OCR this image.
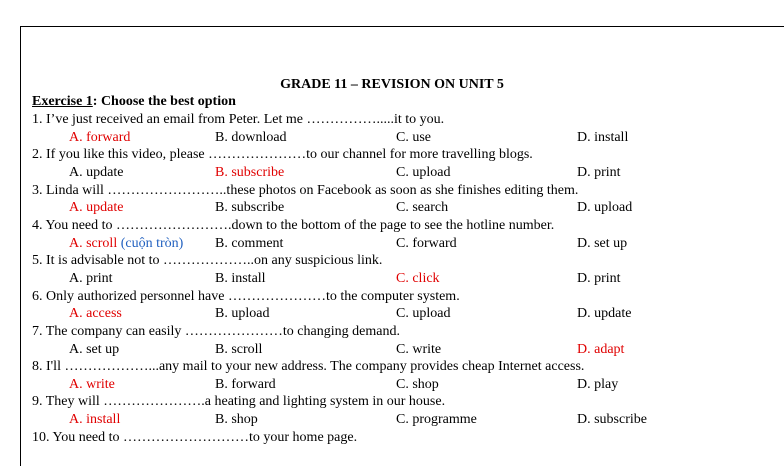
GRADE 11 – REVISION ON UNIT 5
Exercise 1: Choose the best option
1. I’ve just received an email from Peter. Let me …………….....it to you.
A. forward	B. download	C. use	D. install
2. If you like this video, please …………………to our channel for more travelling blogs.
A. update	B. subscribe	C. upload	D. print
3. Linda will ……………………..these photos on Facebook as soon as she finishes editing them.
A. update	B. subscribe	C. search	D. upload
4. You need to …………………….down to the bottom of the page to see the hotline number.
A. scroll (cuộn tròn) B. comment	C. forward	D. set up
5. It is advisable not to ………………..on any suspicious link.
A. print	B. install	C. click	D. print
6. Only authorized personnel have …………………to the computer system.
A. access	B. upload	C. upload	D. update
7. The company can easily …………………to changing demand.
A. set up	B. scroll	C. write	D. adapt
8. I'll ………………...any mail to your new address. The company provides cheap Internet access.
A. write	B. forward	C. shop	D. play
9. They will ………………….a heating and lighting system in our house.
A. install	B. shop	C. programme	D. subscribe
10. You need to ………………………to your home page.
